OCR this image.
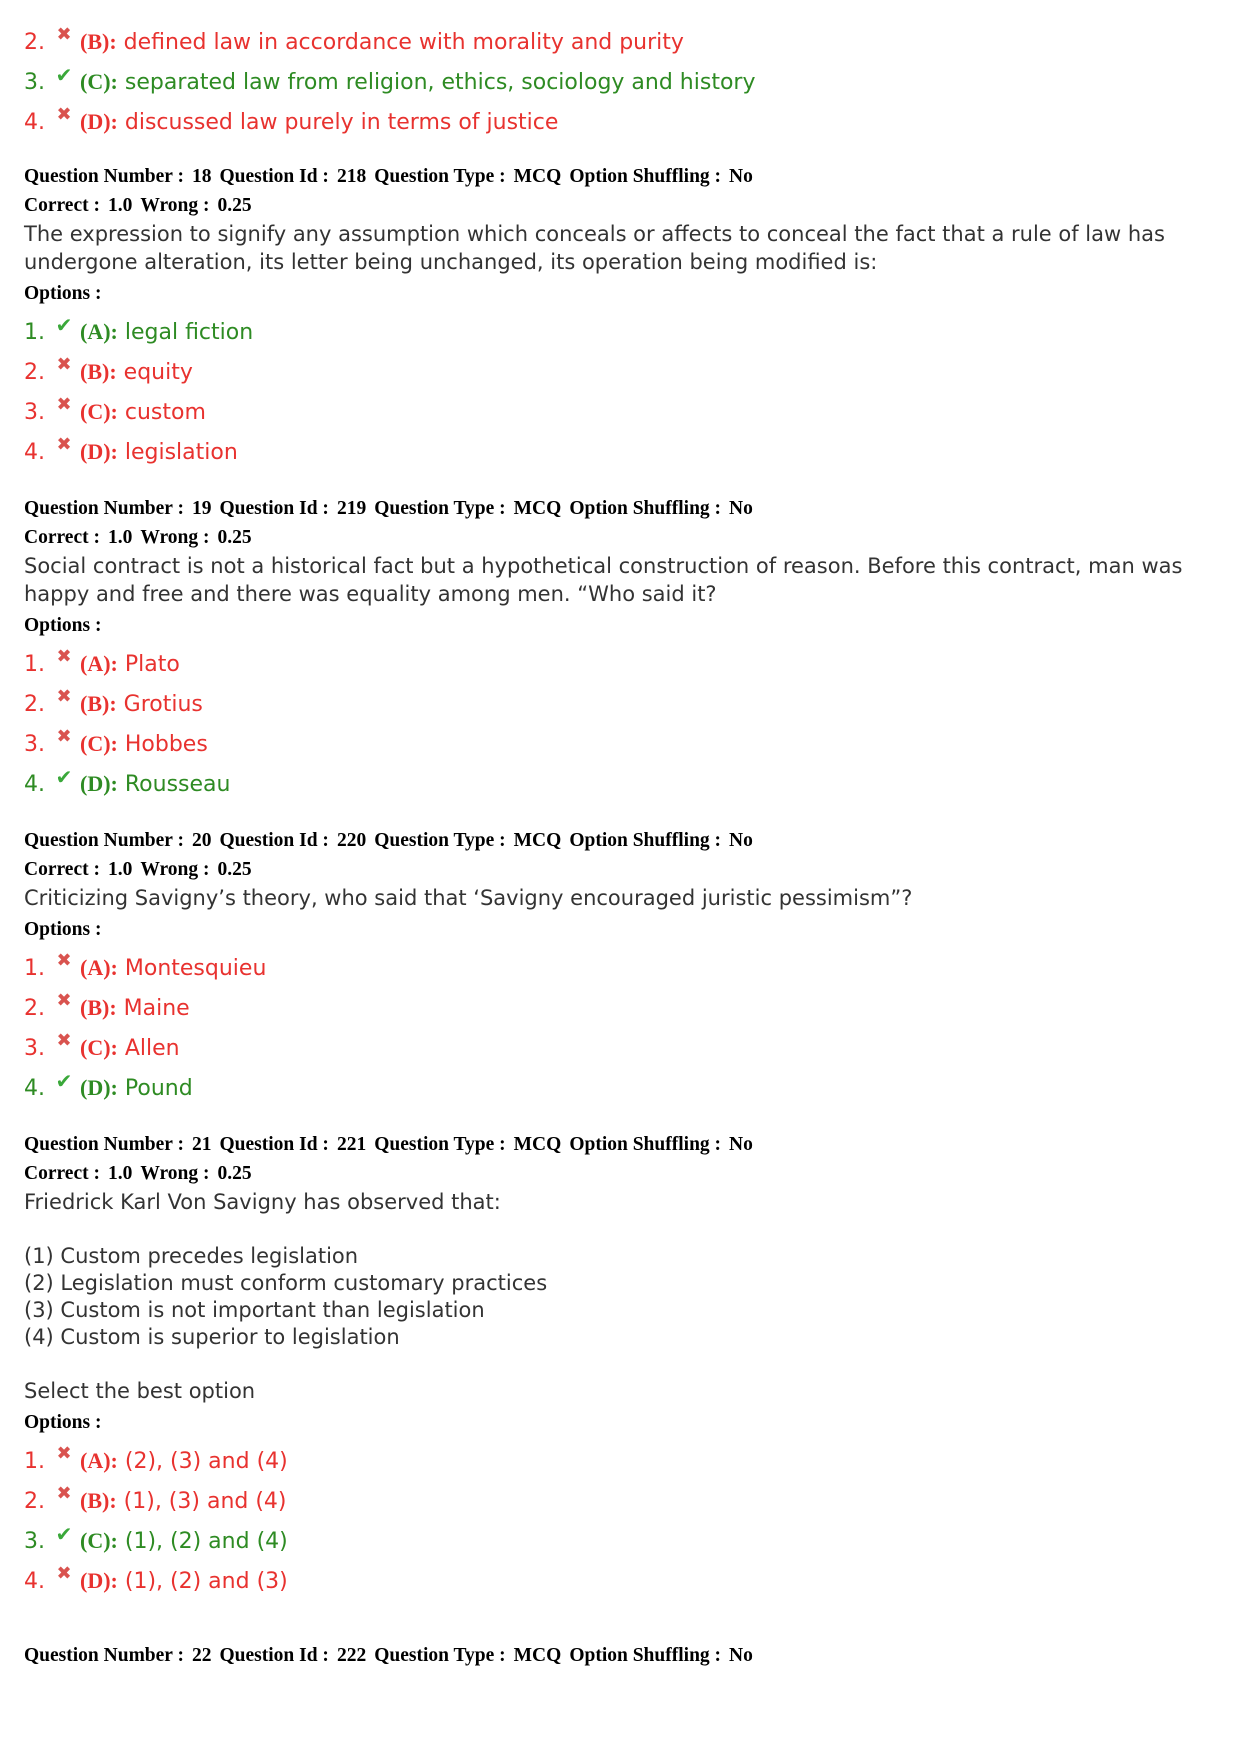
2. ✖ (B): defined law in accordance with morality and purity
3. ✔ (C): separated law from religion, ethics, sociology and history
4. ✖ (D): discussed law purely in terms of justice
Question Number : 18 Question Id : 218 Question Type : MCQ Option Shuffling : No
Correct : 1.0 Wrong : 0.25

The expression to signify any assumption which conceals or affects to conceal the fact that a rule of law has undergone alteration, its letter being unchanged, its operation being modified is:

Options :
1. ✔ (A): legal fiction
2. ✖ (B): equity
3. ✖ (C): custom
4. ✖ (D): legislation
Question Number : 19 Question Id : 219 Question Type : MCQ Option Shuffling : No
Correct : 1.0 Wrong : 0.25

Social contract is not a historical fact but a hypothetical construction of reason. Before this contract, man was happy and free and there was equality among men. “Who said it?

Options :
1. ✖ (A): Plato
2. ✖ (B): Grotius
3. ✖ (C): Hobbes
4. ✔ (D): Rousseau
Question Number : 20 Question Id : 220 Question Type : MCQ Option Shuffling : No
Correct : 1.0 Wrong : 0.25

Criticizing Savigny’s theory, who said that ‘Savigny encouraged juristic pessimism”?

Options :
1. ✖ (A): Montesquieu
2. ✖ (B): Maine
3. ✖ (C): Allen
4. ✔ (D): Pound
Question Number : 21 Question Id : 221 Question Type : MCQ Option Shuffling : No
Correct : 1.0 Wrong : 0.25

Friedrick Karl Von Savigny has observed that:

(1) Custom precedes legislation
(2) Legislation must conform customary practices
(3) Custom is not important than legislation
(4) Custom is superior to legislation
Select the best option
Options :
1. ✖ (A): (2), (3) and (4)
2. ✖ (B): (1), (3) and (4)
3. ✔ (C): (1), (2) and (4)
4. ✖ (D): (1), (2) and (3)
Question Number : 22 Question Id : 222 Question Type : MCQ Option Shuffling : No
